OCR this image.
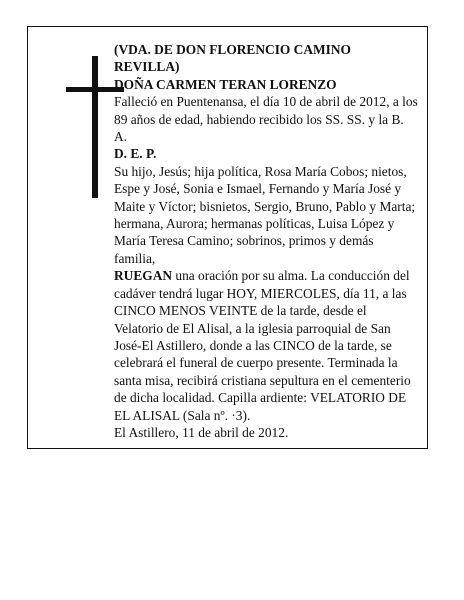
(VDA. DE DON FLORENCIO CAMINO REVILLA)

DOÑA CARMEN TERAN LORENZO

Falleció en Puentenansa, el día 10 de abril de 2012, a los 89 años de edad, habiendo recibido los SS. SS. y la B. A.

D. E. P.

Su hijo, Jesús; hija política, Rosa María Cobos; nietos, Espe y José, Sonia e Ismael, Fernando y María José y Maite y Víctor; bisnietos, Sergio, Bruno, Pablo y Marta; hermana, Aurora; hermanas políticas, Luisa López y María Teresa Camino; sobrinos, primos y demás familia,

RUEGAN una oración por su alma. La conducción del cadáver tendrá lugar HOY, MIERCOLES, día 11, a las CINCO MENOS VEINTE de la tarde, desde el Velatorio de El Alisal, a la iglesia parroquial de San José-El Astillero, donde a las CINCO de la tarde, se celebrará el funeral de cuerpo presente. Terminada la santa misa, recibirá cristiana sepultura en el cementerio de dicha localidad. Capilla ardiente: VELATORIO DE EL ALISAL (Sala nº. ·3).

El Astillero, 11 de abril de 2012.
